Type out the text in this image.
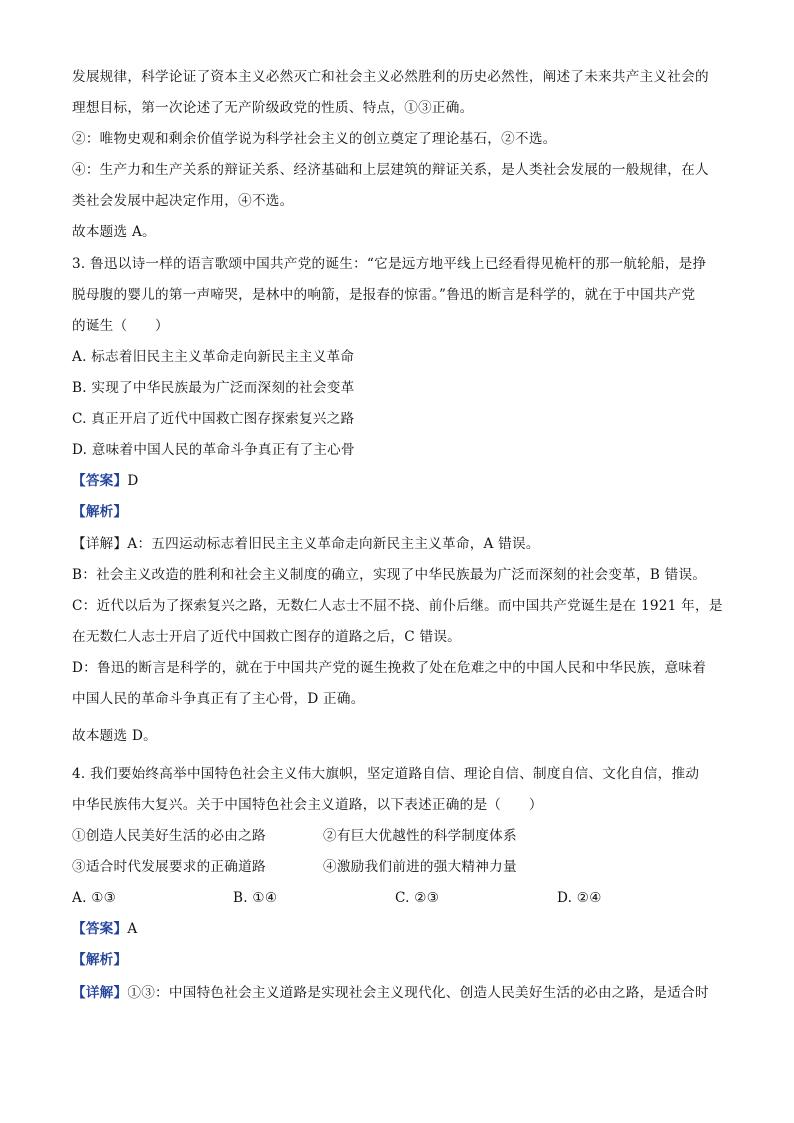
发展规律，科学论证了资本主义必然灭亡和社会主义必然胜利的历史必然性，阐述了未来共产主义社会的
理想目标，第一次论述了无产阶级政党的性质、特点，①③正确。
②：唯物史观和剩余价值学说为科学社会主义的创立奠定了理论基石，②不选。
④：生产力和生产关系的辩证关系、经济基础和上层建筑的辩证关系，是人类社会发展的一般规律，在人
类社会发展中起决定作用，④不选。
故本题选 A。
3. 鲁迅以诗一样的语言歌颂中国共产党的诞生：“它是远方地平线上已经看得见桅杆的那一航轮船，是挣
脱母腹的婴儿的第一声啼哭，是林中的响箭，是报春的惊雷。”鲁迅的断言是科学的，就在于中国共产党
的诞生（　　）
A. 标志着旧民主主义革命走向新民主主义革命
B. 实现了中华民族最为广泛而深刻的社会变革
C. 真正开启了近代中国救亡图存探索复兴之路
D. 意味着中国人民的革命斗争真正有了主心骨
【答案】D
【解析】
【详解】A：五四运动标志着旧民主主义革命走向新民主主义革命，A 错误。
B：社会主义改造的胜利和社会主义制度的确立，实现了中华民族最为广泛而深刻的社会变革，B 错误。
C：近代以后为了探索复兴之路，无数仁人志士不屈不挠、前仆后继。而中国共产党诞生是在 1921 年，是
在无数仁人志士开启了近代中国救亡图存的道路之后，C 错误。
D：鲁迅的断言是科学的，就在于中国共产党的诞生挽救了处在危难之中的中国人民和中华民族，意味着
中国人民的革命斗争真正有了主心骨，D 正确。
故本题选 D。
4. 我们要始终高举中国特色社会主义伟大旗帜，坚定道路自信、理论自信、制度自信、文化自信，推动
中华民族伟大复兴。关于中国特色社会主义道路，以下表述正确的是（　　）
①创造人民美好生活的必由之路	②有巨大优越性的科学制度体系
③适合时代发展要求的正确道路	④激励我们前进的强大精神力量
A. ①③	B. ①④	C. ②③	D. ②④
【答案】A
【解析】
【详解】①③：中国特色社会主义道路是实现社会主义现代化、创造人民美好生活的必由之路，是适合时
